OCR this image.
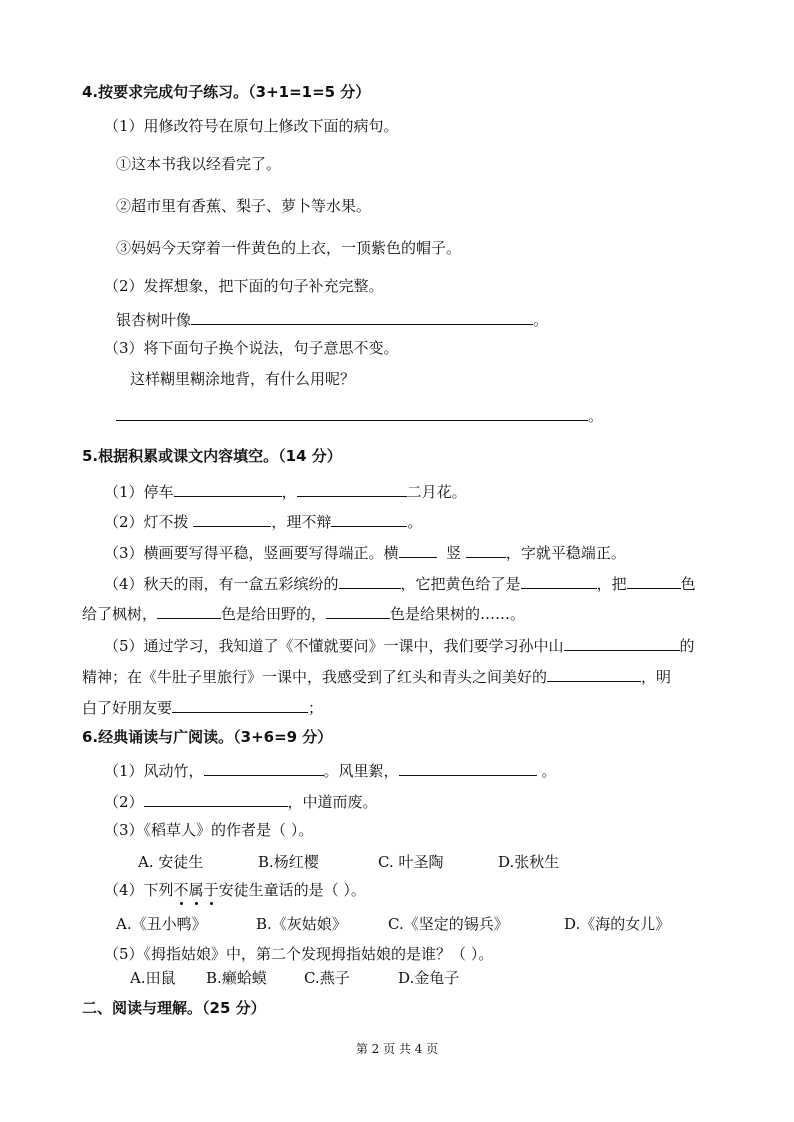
4.按要求完成句子练习。（3+1=1=5 分）
（1）用修改符号在原句上修改下面的病句。
①这本书我以经看完了。
②超市里有香蕉、梨子、萝卜等水果。
③妈妈今天穿着一件黄色的上衣，一顶紫色的帽子。
（2）发挥想象，把下面的句子补充完整。
银杏树叶像	。
（3）将下面句子换个说法，句子意思不变。
这样糊里糊涂地背，有什么用呢？
。
5.根据积累或课文内容填空。（14 分）
（1）停车	，	二月花。
（2）灯不拨	，理不辩	。
（3）横画要写得平稳，竖画要写得端正。横	竖	，字就平稳端正。
（4）秋天的雨，有一盒五彩缤纷的	，它把黄色给了是	，把	色
给了枫树，	色是给田野的，	色是给果树的……。
（5）通过学习，我知道了《不懂就要问》一课中，我们要学习孙中山	的
精神；在《牛肚子里旅行》一课中，我感受到了红头和青头之间美好的	，明
白了好朋友要	；
6.经典诵读与广阅读。（3+6=9 分）
（1）风动竹，	。风里絮，	。
（2）	，中道而废。
（3）《稻草人》的作者是（ ）。
A. 安徒生	B.杨红樱	C. 叶圣陶	D.张秋生
（4）下列不属于安徒生童话的是（ ）。
A.《丑小鸭》	B.《灰姑娘》	C.《坚定的锡兵》	D.《海的女儿》
（5）《拇指姑娘》中，第二个发现拇指姑娘的是谁？（ ）。
A.田鼠 B.癞蛤蟆 C.燕子	D.金龟子
二、阅读与理解。（25 分）
第 2 页 共 4 页
